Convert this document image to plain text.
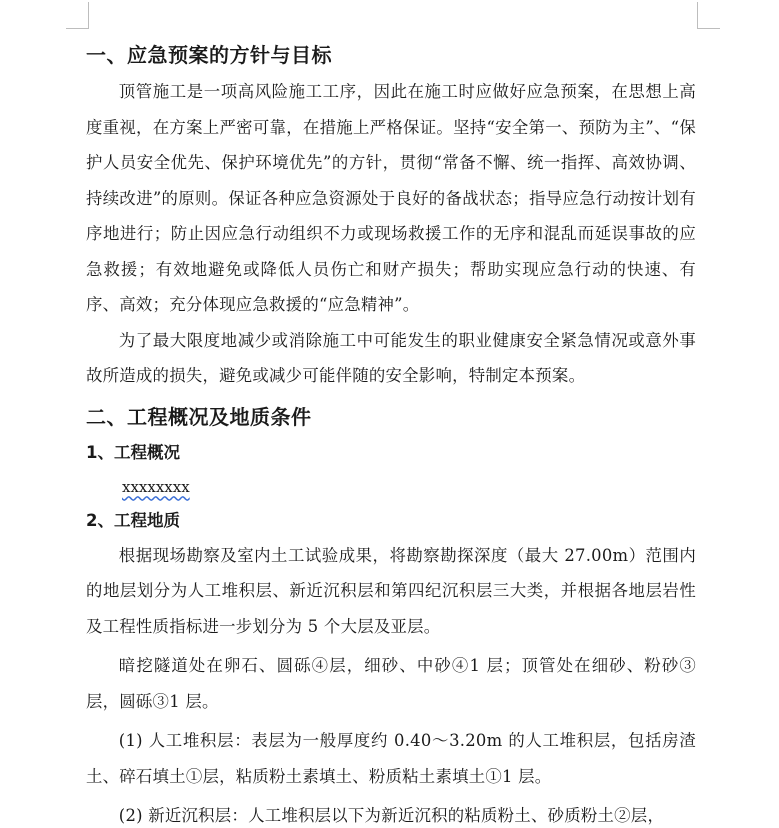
一、应急预案的方针与目标

顶管施工是一项高风险施工工序，因此在施工时应做好应急预案，在思想上高度重视，在方案上严密可靠，在措施上严格保证。坚持“安全第一、预防为主”、“保护人员安全优先、保护环境优先”的方针，贯彻“常备不懈、统一指挥、高效协调、持续改进”的原则。保证各种应急资源处于良好的备战状态；指导应急行动按计划有序地进行；防止因应急行动组织不力或现场救援工作的无序和混乱而延误事故的应急救援；有效地避免或降低人员伤亡和财产损失；帮助实现应急行动的快速、有序、高效；充分体现应急救援的“应急精神”。

为了最大限度地减少或消除施工中可能发生的职业健康安全紧急情况或意外事故所造成的损失，避免或减少可能伴随的安全影响，特制定本预案。

二、工程概况及地质条件
1、工程概况
xxxxxxxx
2、工程地质

根据现场勘察及室内土工试验成果，将勘察勘探深度（最大 27.00m）范围内的地层划分为人工堆积层、新近沉积层和第四纪沉积层三大类，并根据各地层岩性及工程性质指标进一步划分为 5 个大层及亚层。

暗挖隧道处在卵石、圆砾④层，细砂、中砂④1 层；顶管处在细砂、粉砂③层，圆砾③1 层。

(1) 人工堆积层：表层为一般厚度约 0.40～3.20m 的人工堆积层，包括房渣土、碎石填土①层，粘质粉土素填土、粉质粘土素填土①1 层。

(2) 新近沉积层：人工堆积层以下为新近沉积的粘质粉土、砂质粉土②层，
